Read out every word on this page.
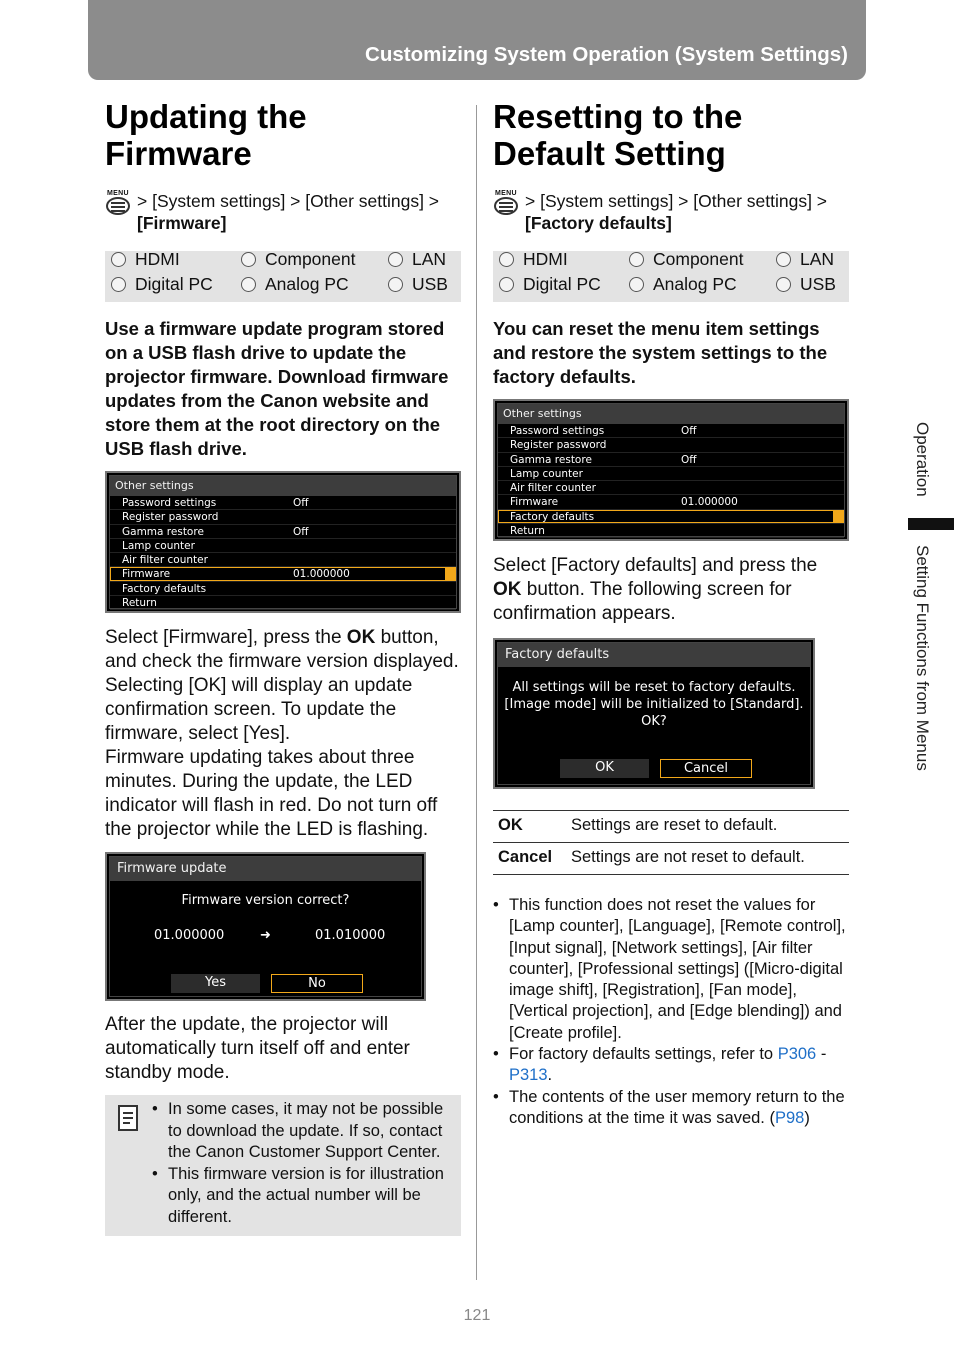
Customizing System Operation (System Settings)
Updating the Firmware
MENU > [System settings] > [Other settings] >
[Firmware]
HDMI	Component	LAN
Digital PC	Analog PC	USB

Use a firmware update program stored on a USB flash drive to update the projector firmware. Download firmware updates from the Canon website and store them at the root directory on the USB flash drive.

Other settings
Password settings	Off
Register password
Gamma restore	Off
Lamp counter
Air filter counter
Firmware	01.000000
Factory defaults
Return

Select [Firmware], press the OK button, and check the firmware version displayed. Selecting [OK] will display an update confirmation screen. To update the firmware, select [Yes].

Firmware updating takes about three minutes. During the update, the LED indicator will flash in red. Do not turn off the projector while the LED is flashing.

Firmware update
Firmware version correct?
01.000000	➜	01.010000
Yes	No

After the update, the projector will automatically turn itself off and enter standby mode.

• In some cases, it may not be possible to download the update. If so, contact the Canon Customer Support Center.
• This firmware version is for illustration only, and the actual number will be different.
Resetting to the Default Setting
MENU > [System settings] > [Other settings] >
[Factory defaults]
HDMI	Component	LAN
Digital PC	Analog PC	USB

You can reset the menu item settings and restore the system settings to the factory defaults.

Other settings
Password settings	Off
Register password
Gamma restore	Off
Lamp counter
Air filter counter
Firmware	01.000000
Factory defaults
Return

Select [Factory defaults] and press the OK button. The following screen for confirmation appears.

Factory defaults
All settings will be reset to factory defaults.
[Image mode] will be initialized to [Standard].
OK?
OK	Cancel
OK	Settings are reset to default.
Cancel	Settings are not reset to default.
• This function does not reset the values for [Lamp counter], [Language], [Remote control], [Input signal], [Network settings], [Air filter counter], [Professional settings] ([Micro-digital image shift], [Registration], [Fan mode], [Vertical projection], and [Edge blending]) and [Create profile].
• For factory defaults settings, refer to P306 - P313.
• The contents of the user memory return to the conditions at the time it was saved. (P98)
Operation
Setting Functions from Menus
121
